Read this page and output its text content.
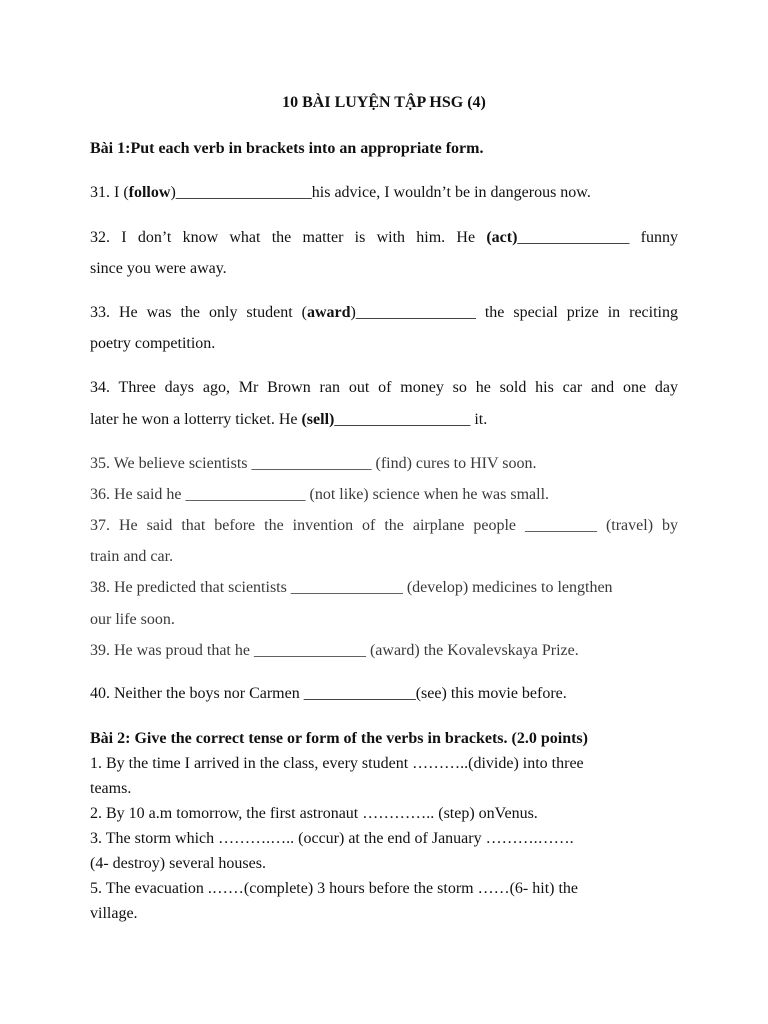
10 BÀI LUYỆN TẬP HSG (4)
Bài 1:Put each verb in brackets into an appropriate form.
31. I (follow)_________________his advice, I wouldn’t be in dangerous now.
32. I don’t know what the matter is with him. He (act)______________ funny
since you were away.
33. He was the only student (award)_______________ the special prize in reciting
poetry competition.
34. Three days ago, Mr Brown ran out of money so he sold his car and one day
later he won a lotterry ticket. He (sell)_________________ it.
35. We believe scientists _______________ (find) cures to HIV soon.
36. He said he _______________ (not like) science when he was small.
37. He said that before the invention of the airplane people _________ (travel) by
train and car.
38. He predicted that scientists ______________ (develop) medicines to lengthen
our life soon.
39. He was proud that he ______________ (award) the Kovalevskaya Prize.
40. Neither the boys nor Carmen ______________(see) this movie before.
Bài 2: Give the correct tense or form of the verbs in brackets. (2.0 points)
1. By the time I arrived in the class, every student ………..(divide) into three
teams.
2. By 10 a.m tomorrow, the first astronaut ………….. (step) onVenus.
3. The storm which ……….….. (occur) at the end of January ……….…….
(4- destroy) several houses.
5. The evacuation .……(complete) 3 hours before the storm ……(6- hit) the
village.
